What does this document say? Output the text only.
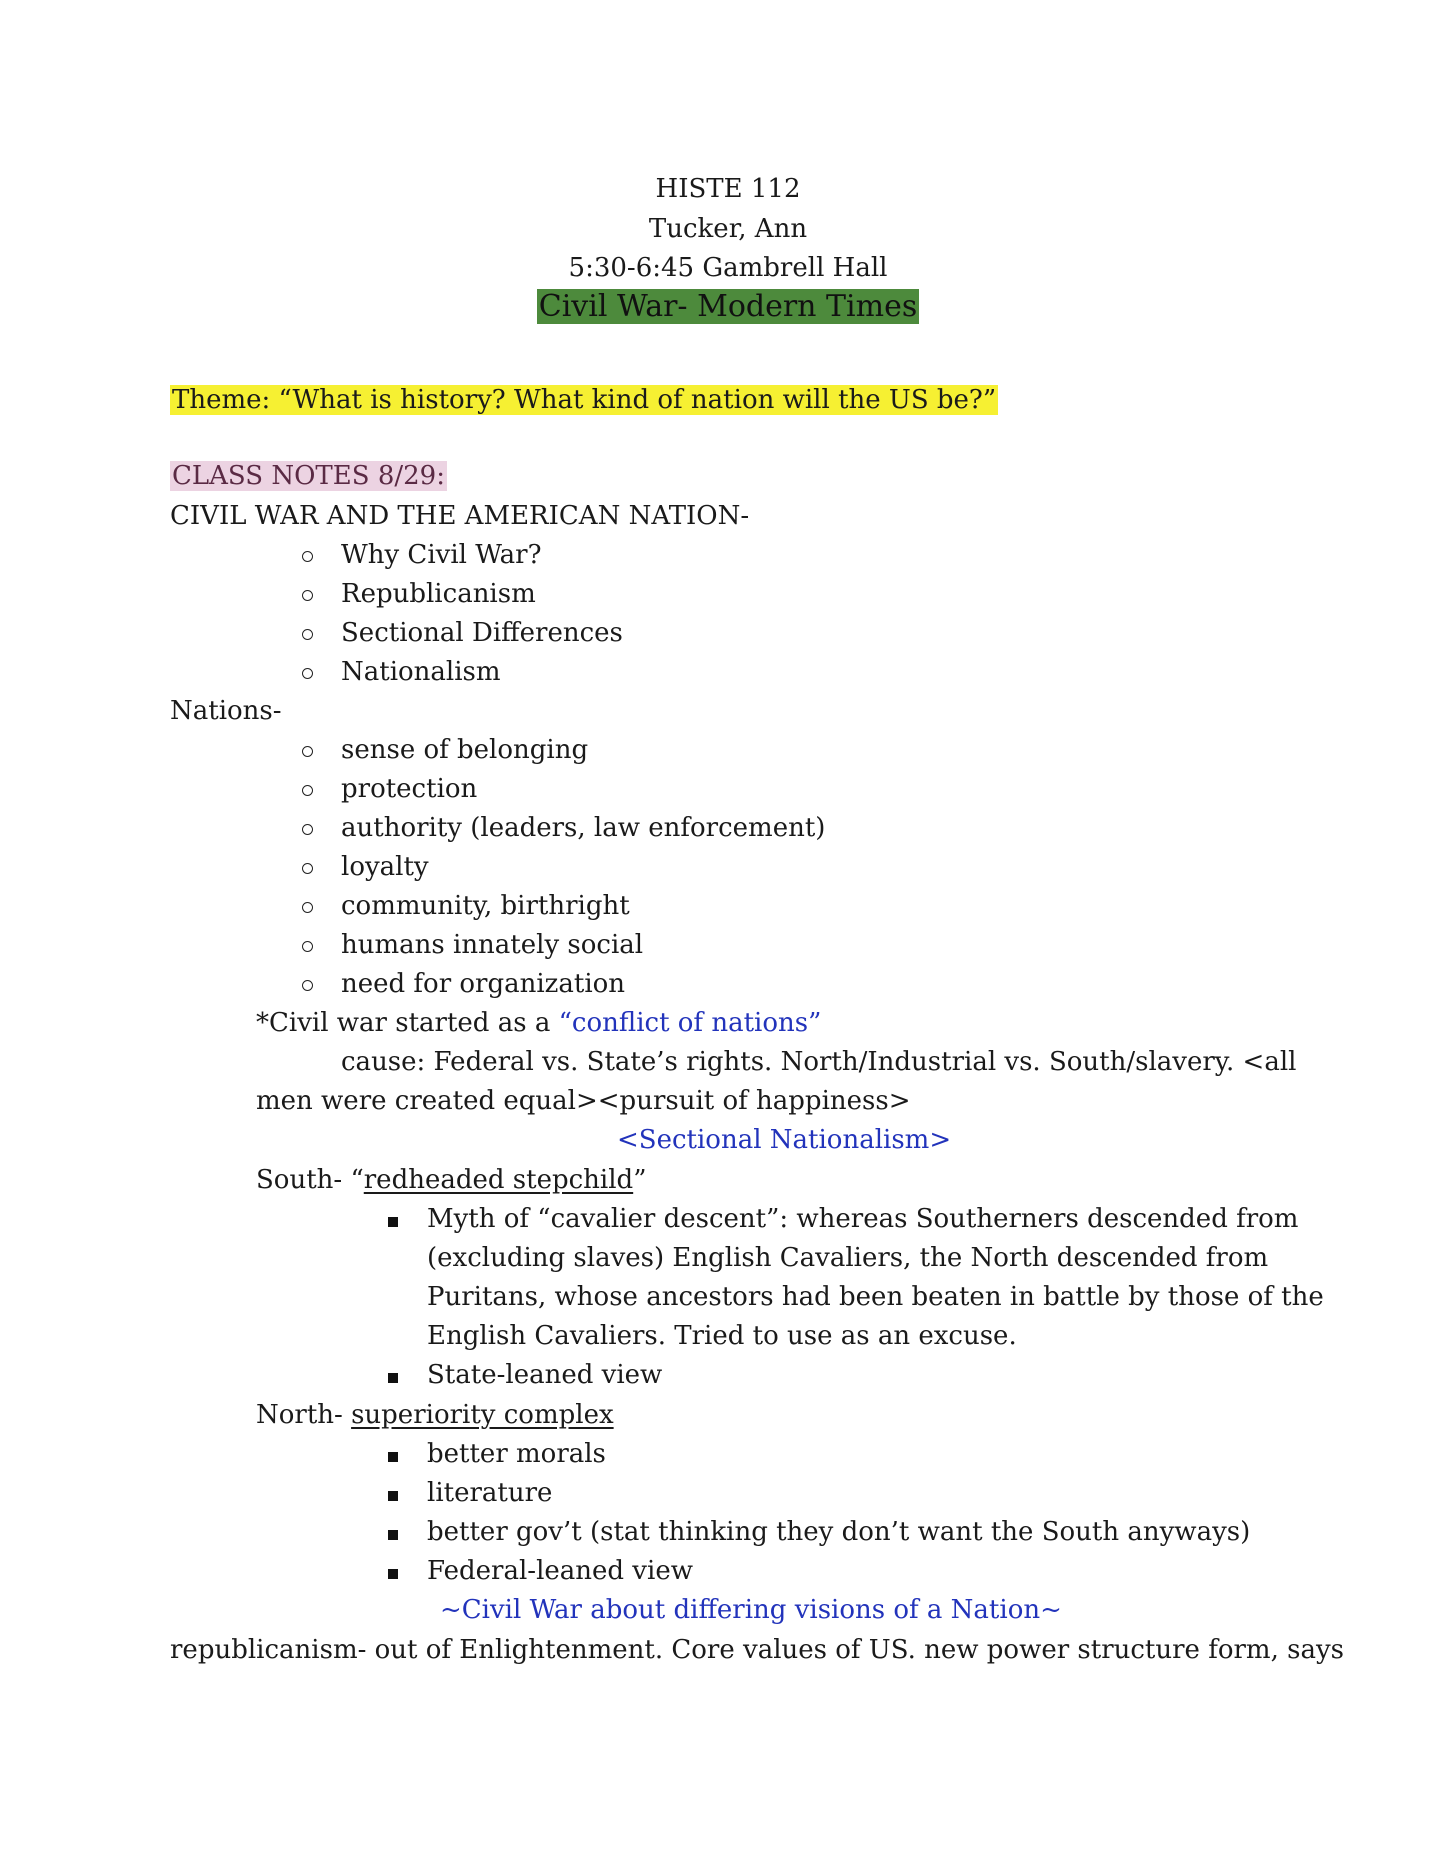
HISTE 112
Tucker, Ann
5:30-6:45 Gambrell Hall
Civil War- Modern Times
Theme: “What is history? What kind of nation will the US be?”
CLASS NOTES 8/29:
CIVIL WAR AND THE AMERICAN NATION-
Why Civil War?
Republicanism
Sectional Differences
Nationalism
Nations-
sense of belonging
protection
authority (leaders, law enforcement)
loyalty
community, birthright
humans innately social
need for organization
*Civil war started as a “conflict of nations”
cause: Federal vs. State’s rights. North/Industrial vs. South/slavery. <all
men were created equal><pursuit of happiness>
<Sectional Nationalism>
South- “redheaded stepchild”
Myth of “cavalier descent”: whereas Southerners descended from
(excluding slaves) English Cavaliers, the North descended from
Puritans, whose ancestors had been beaten in battle by those of the
English Cavaliers. Tried to use as an excuse.
State-leaned view
North- superiority complex
better morals
literature
better gov’t (stat thinking they don’t want the South anyways)
Federal-leaned view
~Civil War about differing visions of a Nation~
republicanism- out of Enlightenment. Core values of US. new power structure form, says
